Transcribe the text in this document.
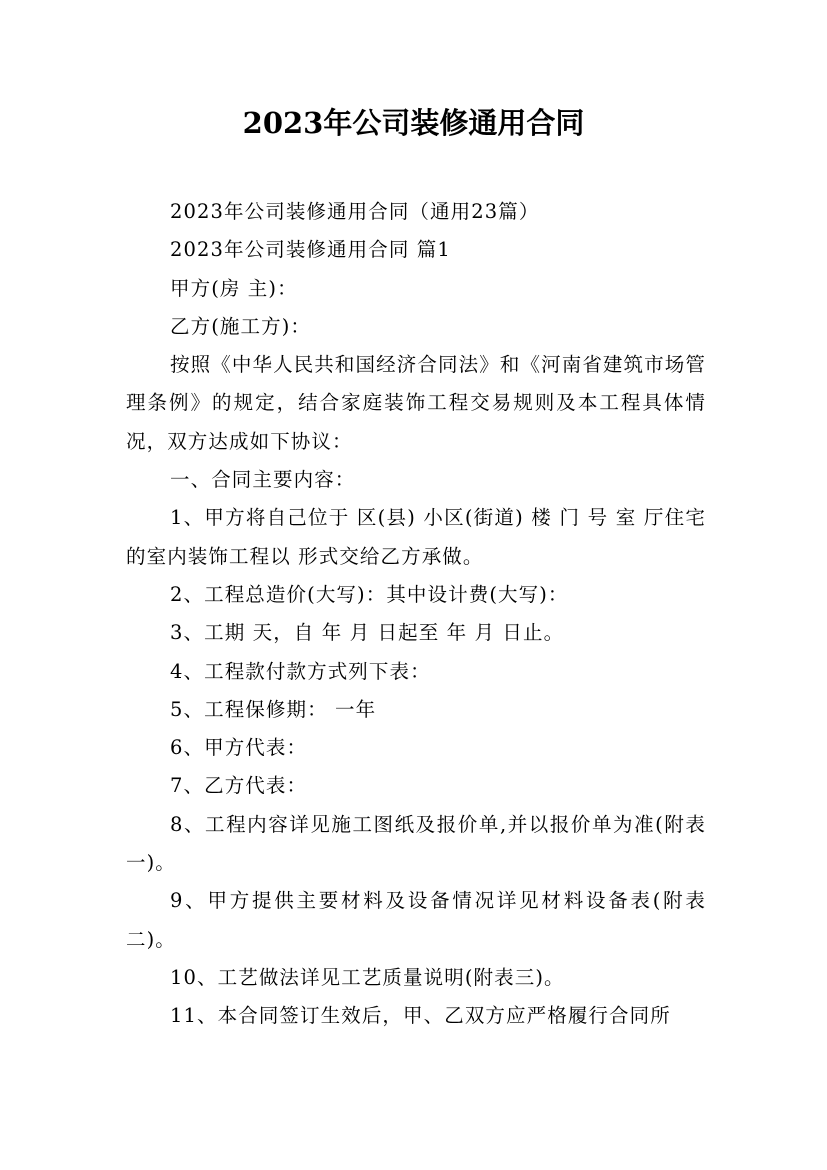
2023年公司装修通用合同

2023年公司装修通用合同（通用23篇）

2023年公司装修通用合同 篇1

甲方(房 主)：

乙方(施工方)：

按照《中华人民共和国经济合同法》和《河南省建筑市场管理条例》的规定，结合家庭装饰工程交易规则及本工程具体情况，双方达成如下协议：

一、合同主要内容：

1、甲方将自己位于 区(县) 小区(街道) 楼 门 号 室 厅住宅的室内装饰工程以 形式交给乙方承做。

2、工程总造价(大写)：其中设计费(大写)：

3、工期 天，自 年 月 日起至 年 月 日止。

4、工程款付款方式列下表：

5、工程保修期： 一年

6、甲方代表：

7、乙方代表：

8、工程内容详见施工图纸及报价单,并以报价单为准(附表一)。

9、甲方提供主要材料及设备情况详见材料设备表(附表二)。

10、工艺做法详见工艺质量说明(附表三)。

11、本合同签订生效后，甲、乙双方应严格履行合同所
